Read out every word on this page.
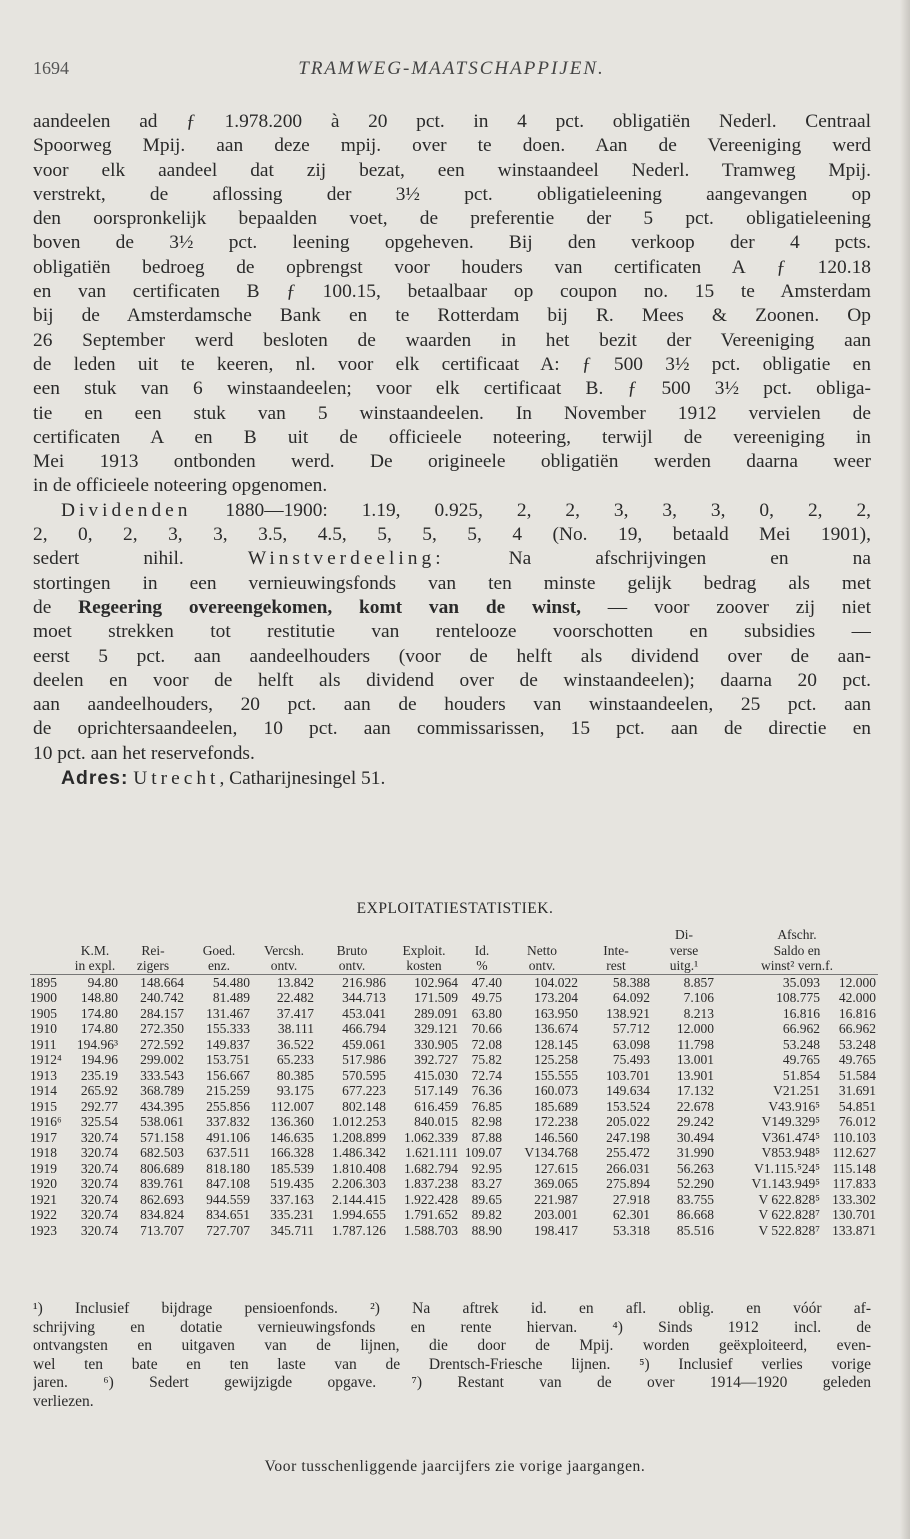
1694	TRAMWEG-MAATSCHAPPIJEN.
aandeelen ad ƒ 1.978.200 à 20 pct. in 4 pct. obligatiën Nederl. Centraal
Spoorweg Mpij. aan deze mpij. over te doen. Aan de Vereeniging werd
voor elk aandeel dat zij bezat, een winstaandeel Nederl. Tramweg Mpij.
verstrekt, de aflossing der 3½ pct. obligatieleening aangevangen op
den oorspronkelijk bepaalden voet, de preferentie der 5 pct. obligatieleening
boven de 3½ pct. leening opgeheven. Bij den verkoop der 4 pcts.
obligatiën bedroeg de opbrengst voor houders van certificaten A ƒ 120.18
en van certificaten B ƒ 100.15, betaalbaar op coupon no. 15 te Amsterdam
bij de Amsterdamsche Bank en te Rotterdam bij R. Mees & Zoonen. Op
26 September werd besloten de waarden in het bezit der Vereeniging aan
de leden uit te keeren, nl. voor elk certificaat A: ƒ 500 3½ pct. obligatie en
een stuk van 6 winstaandeelen; voor elk certificaat B. ƒ 500 3½ pct. obliga-
tie en een stuk van 5 winstaandeelen. In November 1912 vervielen de
certificaten A en B uit de officieele noteering, terwijl de vereeniging in
Mei 1913 ontbonden werd. De origineele obligatiën werden daarna weer
in de officieele noteering opgenomen.
Dividenden 1880—1900: 1.19, 0.925, 2, 2, 3, 3, 3, 0, 2, 2,
2, 0, 2, 3, 3, 3.5, 4.5, 5, 5, 5, 4 (No. 19, betaald Mei 1901),
sedert nihil.	Winstverdeeling: Na afschrijvingen en na
stortingen in een vernieuwingsfonds van ten minste gelijk bedrag als met
de Regeering overeengekomen, komt van de winst, — voor zoover zij niet
moet strekken tot restitutie van rentelooze voorschotten en subsidies —
eerst 5 pct. aan aandeelhouders (voor de helft als dividend over de aan-
deelen en voor de helft als dividend over de winstaandeelen); daarna 20 pct.
aan aandeelhouders, 20 pct. aan de houders van winstaandeelen, 25 pct. aan
de oprichtersaandeelen, 10 pct. aan commissarissen, 15 pct. aan de directie en
10 pct. aan het reservefonds.
Adres: Utrecht, Catharijnesingel 51.
EXPLOITATIESTATISTIEK.
										Di-	Afschr.	
	K.M.	Rei-	Goed.	Vercsh.	Bruto	Exploit.	Id.	Netto	Inte-	verse	Saldo en	
	in expl.	zigers	enz.	ontv.	ontv.	kosten	%	ontv.	rest	uitg.¹	winst² vern.f.	
1895	94.80	148.664	54.480	13.842	216.986	102.964	47.40	104.022	58.388	8.857	35.093	12.000
1900	148.80	240.742	81.489	22.482	344.713	171.509	49.75	173.204	64.092	7.106	108.775	42.000
1905	174.80	284.157	131.467	37.417	453.041	289.091	63.80	163.950	138.921	8.213	16.816	16.816
1910	174.80	272.350	155.333	38.111	466.794	329.121	70.66	136.674	57.712	12.000	66.962	66.962
1911	194.96³	272.592	149.837	36.522	459.061	330.905	72.08	128.145	63.098	11.798	53.248	53.248
1912⁴	194.96	299.002	153.751	65.233	517.986	392.727	75.82	125.258	75.493	13.001	49.765	49.765
1913	235.19	333.543	156.667	80.385	570.595	415.030	72.74	155.555	103.701	13.901	51.854	51.584
1914	265.92	368.789	215.259	93.175	677.223	517.149	76.36	160.073	149.634	17.132	V21.251	31.691
1915	292.77	434.395	255.856	112.007	802.148	616.459	76.85	185.689	153.524	22.678	V43.916⁵	54.851
1916⁶	325.54	538.061	337.832	136.360	1.012.253	840.015	82.98	172.238	205.022	29.242	V149.329⁵	76.012
1917	320.74	571.158	491.106	146.635	1.208.899	1.062.339	87.88	146.560	247.198	30.494	V361.474⁵	110.103
1918	320.74	682.503	637.511	166.328	1.486.342	1.621.111	109.07	V134.768	255.472	31.990	V853.948⁵	112.627
1919	320.74	806.689	818.180	185.539	1.810.408	1.682.794	92.95	127.615	266.031	56.263	V1.115.⁵24⁵	115.148
1920	320.74	839.761	847.108	519.435	2.206.303	1.837.238	83.27	369.065	275.894	52.290	V1.143.949⁵	117.833
1921	320.74	862.693	944.559	337.163	2.144.415	1.922.428	89.65	221.987	27.918	83.755	V 622.828⁵	133.302
1922	320.74	834.824	834.651	335.231	1.994.655	1.791.652	89.82	203.001	62.301	86.668	V 622.828⁷	130.701
1923	320.74	713.707	727.707	345.711	1.787.126	1.588.703	88.90	198.417	53.318	85.516	V 522.828⁷	133.871
¹) Inclusief bijdrage pensioenfonds. ²) Na aftrek id. en afl. oblig. en vóór af-
schrijving en dotatie vernieuwingsfonds en rente hiervan. ⁴) Sinds 1912 incl. de
ontvangsten en uitgaven van de lijnen, die door de Mpij. worden geëxploiteerd, even-
wel ten bate en ten laste van de Drentsch-Friesche lijnen. ⁵) Inclusief verlies vorige
jaren. ⁶) Sedert gewijzigde opgave. ⁷) Restant van de over 1914—1920 geleden
verliezen.
Voor tusschenliggende jaarcijfers zie vorige jaargangen.
